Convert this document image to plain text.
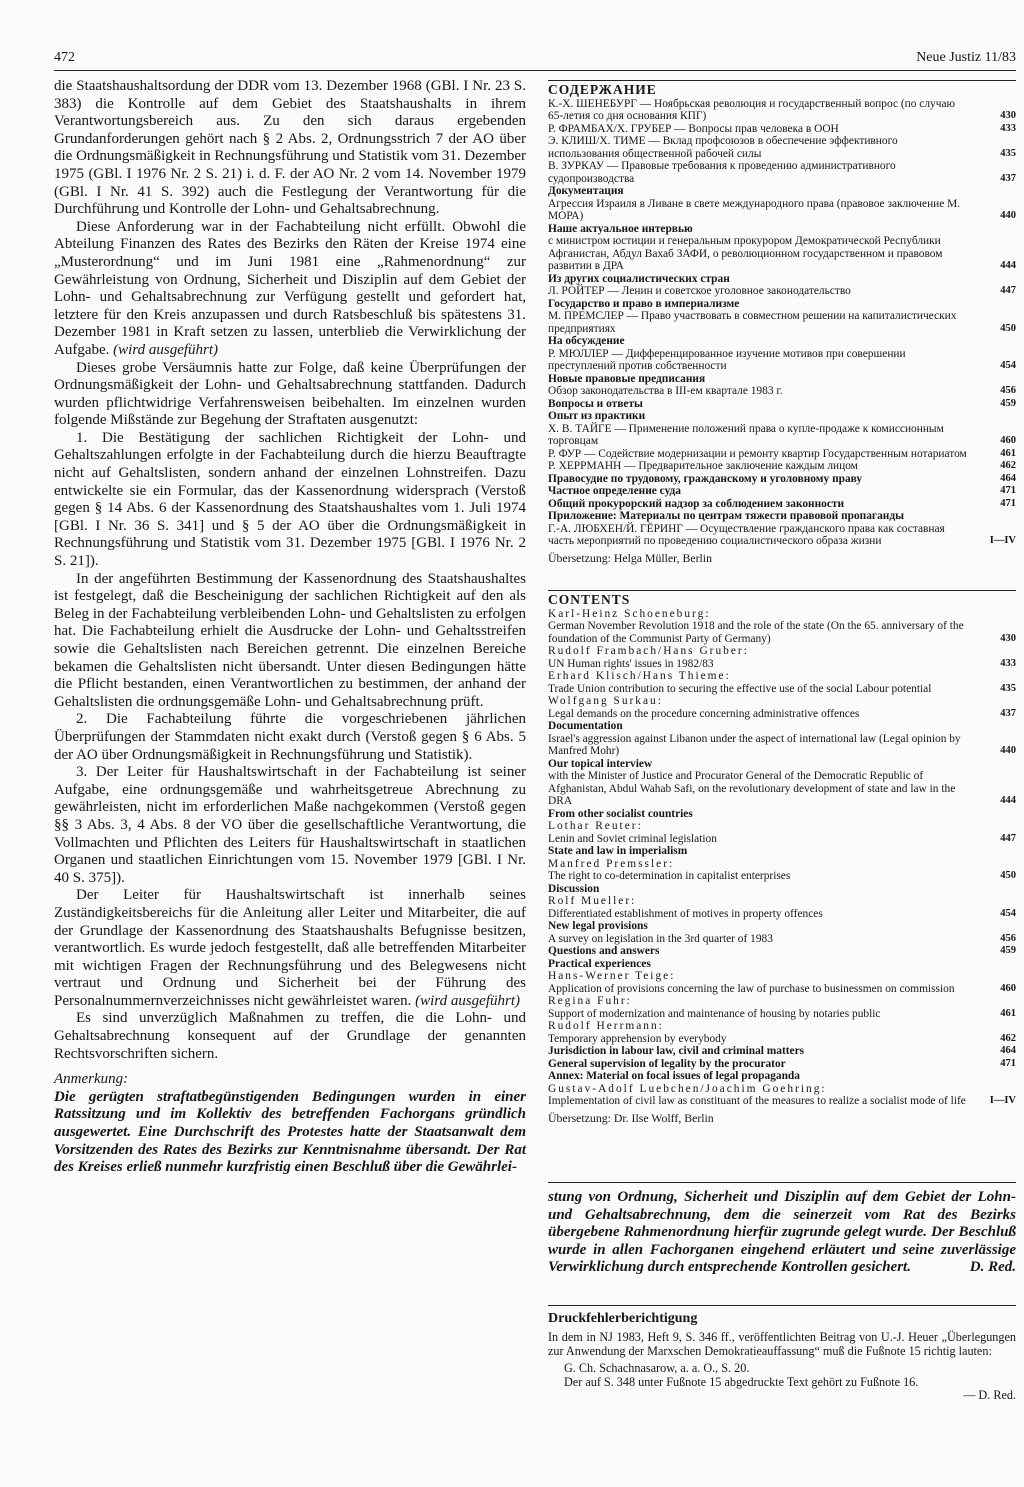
472	Neue Justiz 11/83

die Staatshaushaltsordung der DDR vom 13. Dezember 1968 (GBl. I Nr. 23 S. 383) die Kontrolle auf dem Gebiet des Staatshaushalts in ihrem Verantwortungsbereich aus. Zu den sich daraus ergebenden Grundanforderungen gehört nach § 2 Abs. 2, Ordnungsstrich 7 der AO über die Ordnungsmäßigkeit in Rechnungsführung und Statistik vom 31. Dezember 1975 (GBl. I 1976 Nr. 2 S. 21) i. d. F. der AO Nr. 2 vom 14. November 1979 (GBl. I Nr. 41 S. 392) auch die Festlegung der Verantwortung für die Durchführung und Kontrolle der Lohn- und Gehaltsabrechnung.

Diese Anforderung war in der Fachabteilung nicht erfüllt. Obwohl die Abteilung Finanzen des Rates des Bezirks den Räten der Kreise 1974 eine „Musterordnung“ und im Juni 1981 eine „Rahmenordnung“ zur Gewährleistung von Ordnung, Sicherheit und Disziplin auf dem Gebiet der Lohn- und Gehaltsabrechnung zur Verfügung gestellt und gefordert hat, letztere für den Kreis anzupassen und durch Ratsbeschluß bis spätestens 31. Dezember 1981 in Kraft setzen zu lassen, unterblieb die Verwirklichung der Aufgabe. (wird ausgeführt)

Dieses grobe Versäumnis hatte zur Folge, daß keine Überprüfungen der Ordnungsmäßigkeit der Lohn- und Gehaltsabrechnung stattfanden. Dadurch wurden pflichtwidrige Verfahrensweisen beibehalten. Im einzelnen wurden folgende Mißstände zur Begehung der Straftaten ausgenutzt:

1. Die Bestätigung der sachlichen Richtigkeit der Lohn- und Gehaltszahlungen erfolgte in der Fachabteilung durch die hierzu Beauftragte nicht auf Gehaltslisten, sondern anhand der einzelnen Lohnstreifen. Dazu entwickelte sie ein Formular, das der Kassenordnung widersprach (Verstoß gegen § 14 Abs. 6 der Kassenordnung des Staatshaushaltes vom 1. Juli 1974 [GBl. I Nr. 36 S. 341] und § 5 der AO über die Ordnungsmäßigkeit in Rechnungsführung und Statistik vom 31. Dezember 1975 [GBl. I 1976 Nr. 2 S. 21]).

In der angeführten Bestimmung der Kassenordnung des Staatshaushaltes ist festgelegt, daß die Bescheinigung der sachlichen Richtigkeit auf den als Beleg in der Fachabteilung verbleibenden Lohn- und Gehaltslisten zu erfolgen hat. Die Fachabteilung erhielt die Ausdrucke der Lohn- und Gehaltsstreifen sowie die Gehaltslisten nach Bereichen getrennt. Die einzelnen Bereiche bekamen die Gehaltslisten nicht übersandt. Unter diesen Bedingungen hätte die Pflicht bestanden, einen Verantwortlichen zu bestimmen, der anhand der Gehaltslisten die ordnungsgemäße Lohn- und Gehaltsabrechnung prüft.

2. Die Fachabteilung führte die vorgeschriebenen jährlichen Überprüfungen der Stammdaten nicht exakt durch (Verstoß gegen § 6 Abs. 5 der AO über Ordnungsmäßigkeit in Rechnungsführung und Statistik).

3. Der Leiter für Haushaltswirtschaft in der Fachabteilung ist seiner Aufgabe, eine ordnungsgemäße und wahrheitsgetreue Abrechnung zu gewährleisten, nicht im erforderlichen Maße nachgekommen (Verstoß gegen §§ 3 Abs. 3, 4 Abs. 8 der VO über die gesellschaftliche Verantwortung, die Vollmachten und Pflichten des Leiters für Haushaltswirtschaft in staatlichen Organen und staatlichen Einrichtungen vom 15. November 1979 [GBl. I Nr. 40 S. 375]).

Der Leiter für Haushaltswirtschaft ist innerhalb seines Zuständigkeitsbereichs für die Anleitung aller Leiter und Mitarbeiter, die auf der Grundlage der Kassenordnung des Staatshaushalts Befugnisse besitzen, verantwortlich. Es wurde jedoch festgestellt, daß alle betreffenden Mitarbeiter mit wichtigen Fragen der Rechnungsführung und des Belegwesens nicht vertraut und Ordnung und Sicherheit bei der Führung des Personalnummernverzeichnisses nicht gewährleistet waren. (wird ausgeführt)

Es sind unverzüglich Maßnahmen zu treffen, die die Lohn- und Gehaltsabrechnung konsequent auf der Grundlage der genannten Rechtsvorschriften sichern.

Anmerkung:

Die gerügten straftatbegünstigenden Bedingungen wurden in einer Ratssitzung und im Kollektiv des betreffenden Fachorgans gründlich ausgewertet. Eine Durchschrift des Protestes hatte der Staatsanwalt dem Vorsitzenden des Rates des Bezirks zur Kenntnisnahme übersandt. Der Rat des Kreises erließ nunmehr kurzfristig einen Beschluß über die Gewährlei-

СОДЕРЖАНИЕ
К.-Х. ШЕНЕБУРГ — Ноябрьская революция и государственный вопрос (по случаю 65-летия со дня основания КПГ)	430
Р. ФРАМБАХ/Х. ГРУБЕР — Вопросы прав человека в ООН	433
Э. КЛИШ/Х. ТИМЕ — Вклад профсоюзов в обеспечение эффективного использования общественной рабочей силы	435
В. ЗУРКАУ — Правовые требования к проведению административного судопроизводства	437
Документация
Агрессия Израиля в Ливане в свете международного права (правовое заключение М. МОРА)	440
Наше актуальное интервью
с министром юстиции и генеральным прокурором Демократической Республики Афганистан, Абдул Вахаб ЗАФИ, о революционном государственном и правовом развитии в ДРА	444
Из других социалистических стран
Л. РОЙТЕР — Ленин и советское уголовное законодательство	447
Государство и право в империализме
М. ПРЕМСЛЕР — Право участвовать в совместном решении на капиталистических предприятиях	450
На обсуждение
Р. МЮЛЛЕР — Дифференцированное изучение мотивов при совершении преступлений против собственности	454
Новые правовые предписания
Обзор законодательства в III-ем квартале 1983 г.	456
Вопросы и ответы	459
Опыт из практики
Х. В. ТАЙГЕ — Применение положений права о купле-продаже к комиссионным торговцам	460
Р. ФУР — Содействие модернизации и ремонту квартир Государственным нотариатом	461
Р. ХЕРРМАНН — Предварительное заключение каждым лицом	462
Правосудие по трудовому, гражданскому и уголовному праву	464
Частное определение суда	471
Общий прокурорский надзор за соблюдением законности	471
Приложение: Материалы по центрам тяжести правовой пропаганды
Г.-А. ЛЮБХЕН/Й. ГЁРИНГ — Осуществление гражданского права как составная часть мероприятий по проведению социалистического образа жизни	I—IV
Übersetzung: Helga Müller, Berlin
CONTENTS
Karl-Heinz Schoeneburg:
German November Revolution 1918 and the role of the state (On the 65. anniversary of the foundation of the Communist Party of Germany)	430
Rudolf Frambach/Hans Gruber:
UN Human rights' issues in 1982/83	433
Erhard Klisch/Hans Thieme:
Trade Union contribution to securing the effective use of the social Labour potential	435
Wolfgang Surkau:
Legal demands on the procedure concerning administrative offences	437
Documentation
Israel's aggression against Libanon under the aspect of international law (Legal opinion by Manfred Mohr)	440
Our topical interview
with the Minister of Justice and Procurator General of the Democratic Republic of Afghanistan, Abdul Wahab Safi, on the revolutionary development of state and law in the DRA	444
From other socialist countries
Lothar Reuter:
Lenin and Soviet criminal legislation	447
State and law in imperialism
Manfred Premssler:
The right to co-determination in capitalist enterprises	450
Discussion
Rolf Mueller:
Differentiated establishment of motives in property offences	454
New legal provisions
A survey on legislation in the 3rd quarter of 1983	456
Questions and answers	459
Practical experiences
Hans-Werner Teige:
Application of provisions concerning the law of purchase to businessmen on commission	460
Regina Fuhr:
Support of modernization and maintenance of housing by notaries public	461
Rudolf Herrmann:
Temporary apprehension by everybody	462
Jurisdiction in labour law, civil and criminal matters	464
General supervision of legality by the procurator	471
Annex: Material on focal issues of legal propaganda
Gustav-Adolf Luebchen/Joachim Goehring:
Implementation of civil law as constituant of the measures to realize a socialist mode of life I—IV
Übersetzung: Dr. Ilse Wolff, Berlin
stung von Ordnung, Sicherheit und Disziplin auf dem Gebiet der Lohn- und Gehaltsabrechnung, dem die seinerzeit vom Rat des Bezirks übergebene Rahmenordnung hierfür zugrunde gelegt wurde. Der Beschluß wurde in allen Fachorganen eingehend erläutert und seine zuverlässige Verwirklichung durch entsprechende Kontrollen gesichert.	D. Red.
Druckfehlerberichtigung

In dem in NJ 1983, Heft 9, S. 346 ff., veröffentlichten Beitrag von U.-J. Heuer „Überlegungen zur Anwendung der Marxschen Demokratieauffassung“ muß die Fußnote 15 richtig lauten:

G. Ch. Schachnasarow, a. a. O., S. 20.

Der auf S. 348 unter Fußnote 15 abgedruckte Text gehört zu Fußnote 16.

— D. Red.
